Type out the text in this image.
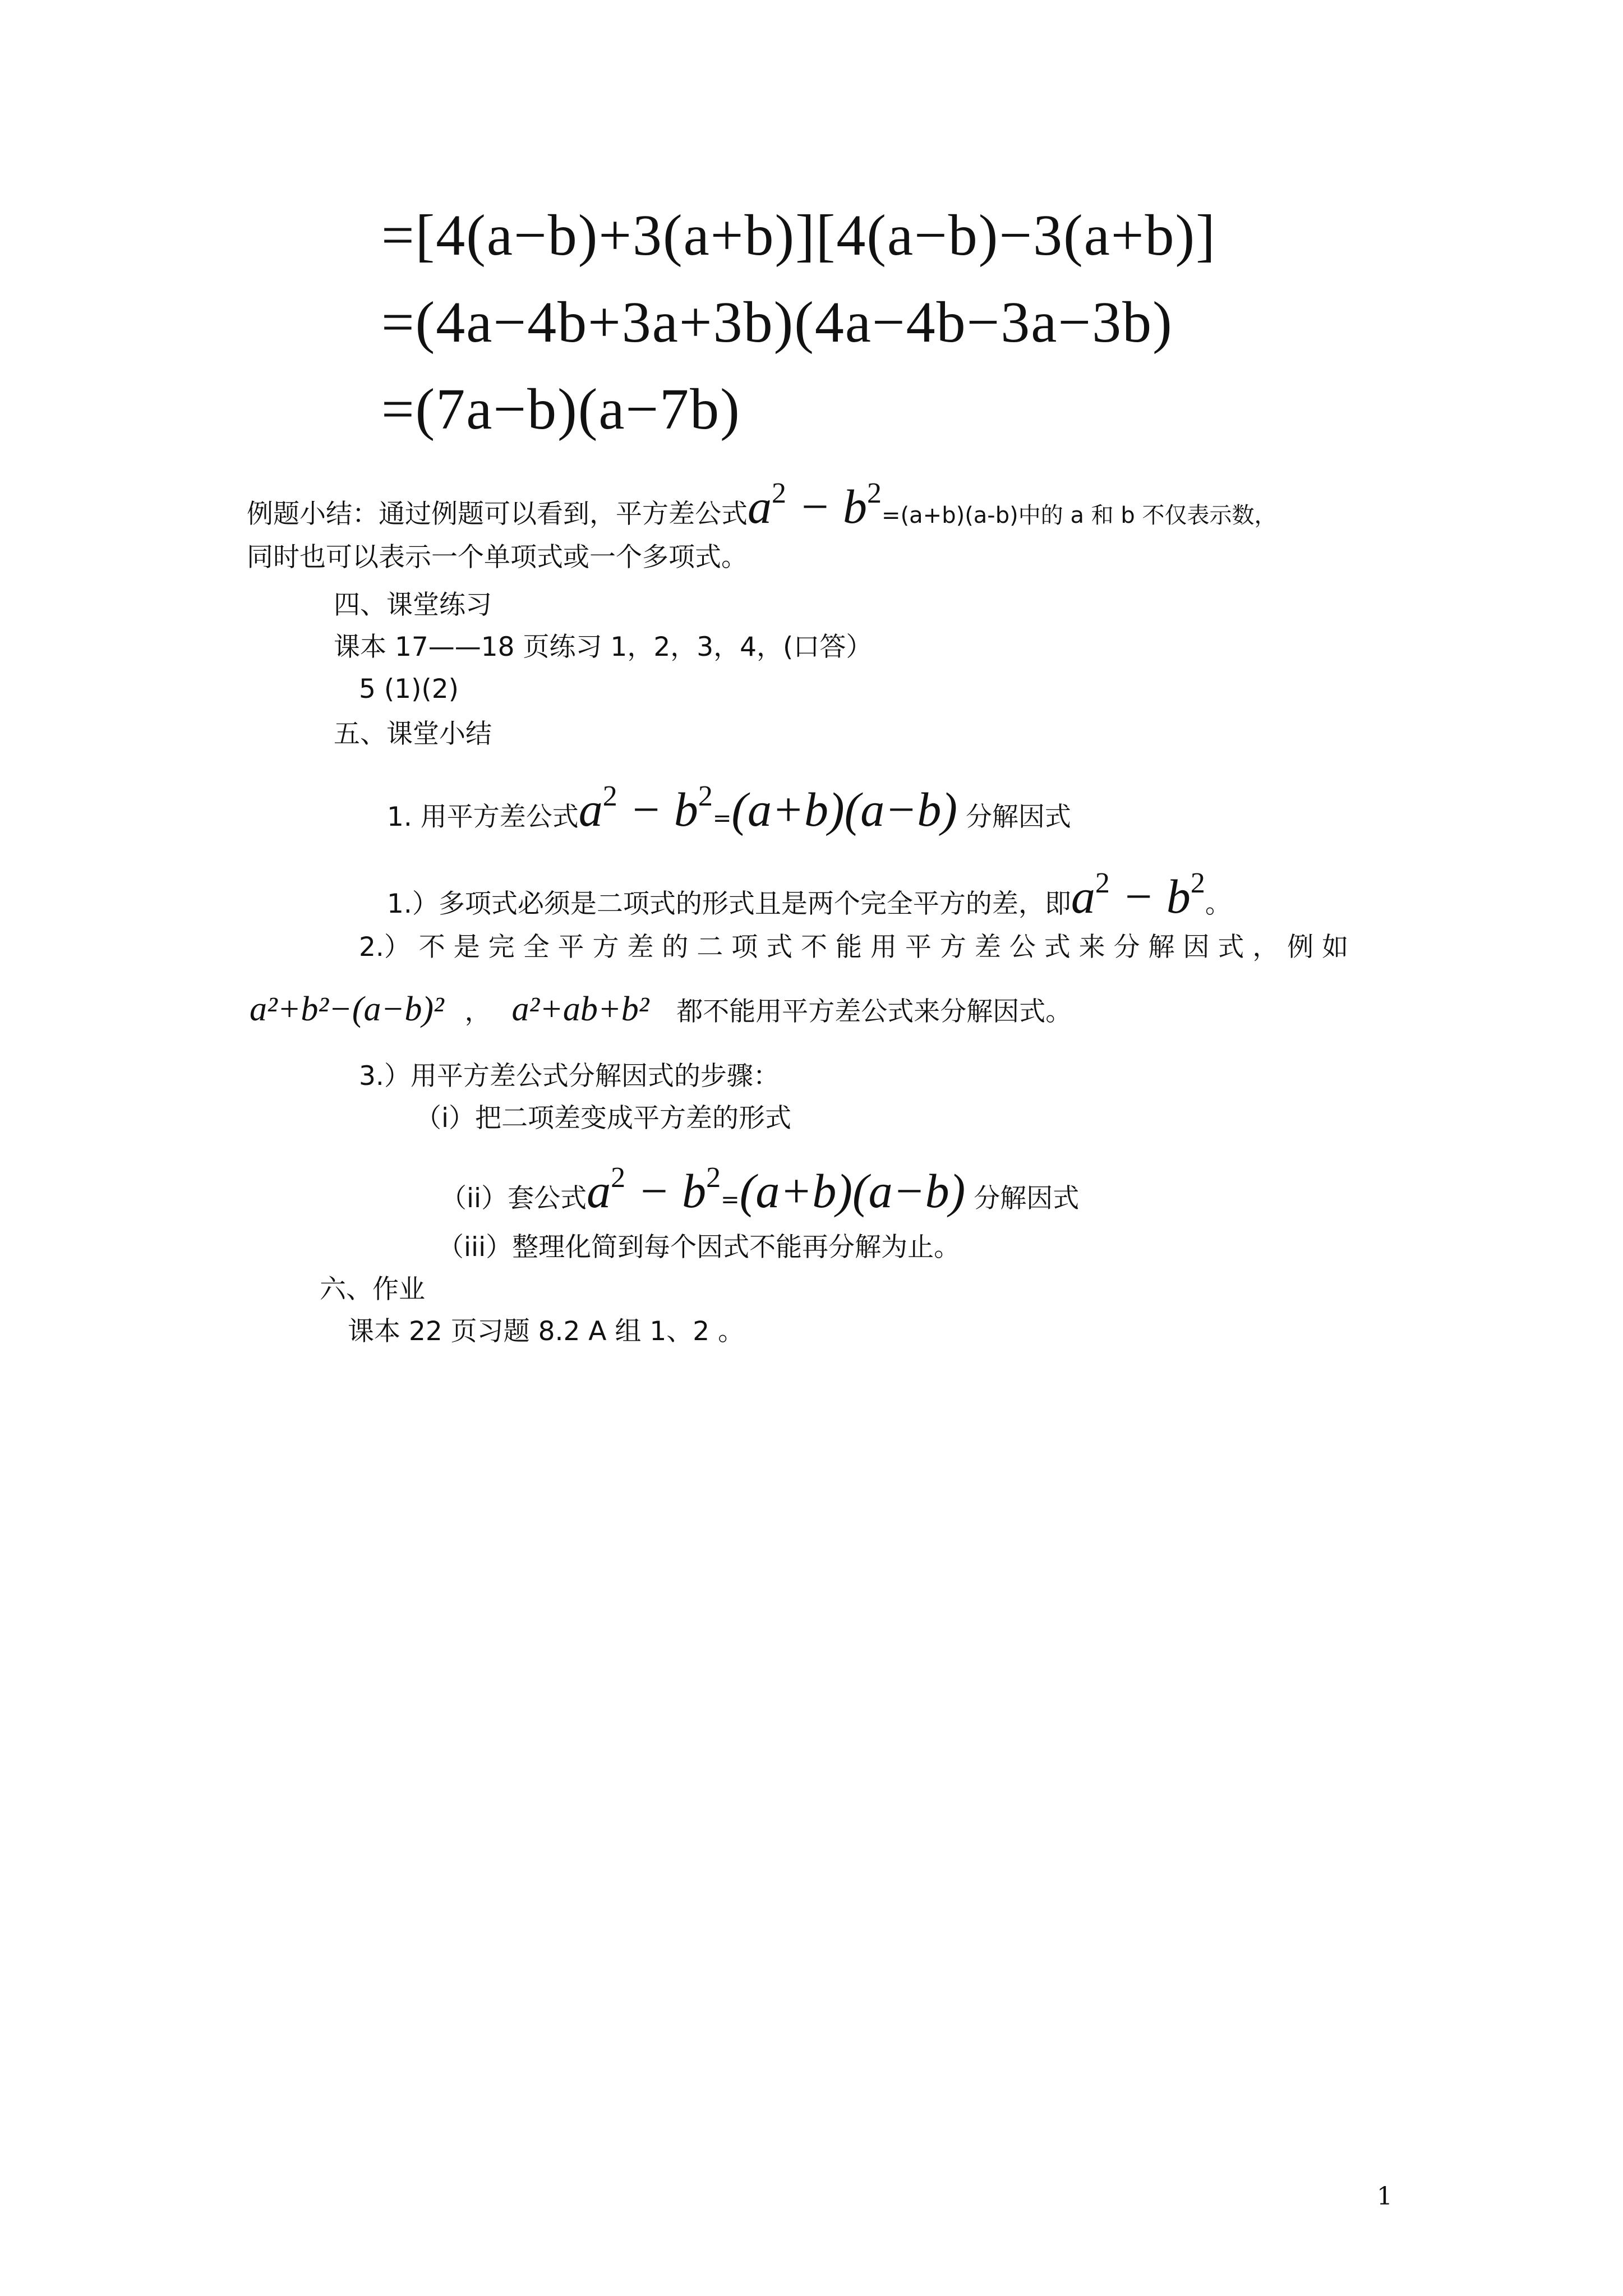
=[4(a−b)+3(a+b)][4(a−b)−3(a+b)]
=(4a−4b+3a+3b)(4a−4b−3a−3b)
=(7a−b)(a−7b)
例题小结：通过例题可以看到，平方差公式$a^2 - b^2=(a+b)(a-b)$中的 a 和 b 不仅表示数，
同时也可以表示一个单项式或一个多项式。
四、课堂练习
课本 17——18 页练习 1，2，3，4，(口答）
5 (1)(2)
五、课堂小结
1. 用平方差公式$a^2 - b^2=(a+b)(a-b)$ 分解因式
1.）多项式必须是二项式的形式且是两个完全平方的差，即$a^2 - b^2$。
2.） 不 是 完 全 平 方 差 的 二 项 式 不 能 用 平 方 差 公 式 来 分 解 因 式 ， 例 如
a²+b²−(a−b)² ， a²+ab+b² 都不能用平方差公式来分解因式。
3.）用平方差公式分解因式的步骤：
（i）把二项差变成平方差的形式
（ii）套公式$a^2 - b^2=(a+b)(a-b)$ 分解因式
（iii）整理化简到每个因式不能再分解为止。
六、作业
课本 22 页习题 8.2 A 组 1、2 。
1
